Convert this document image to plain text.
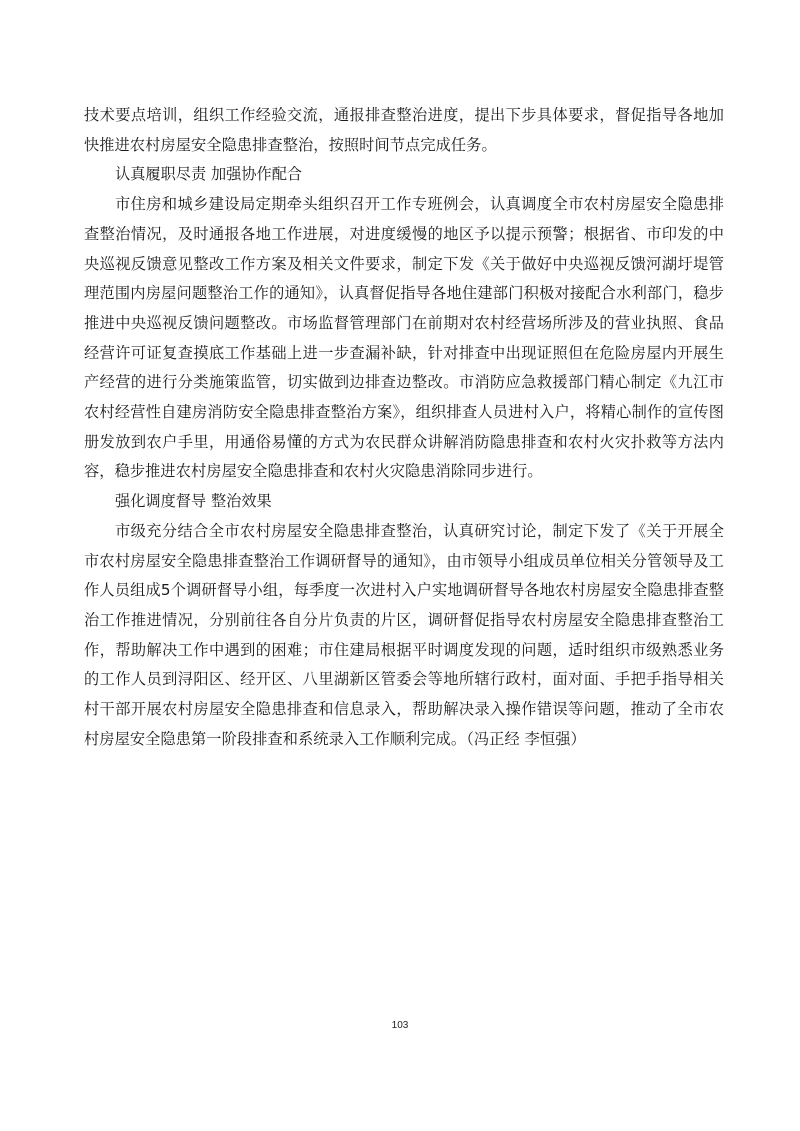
技术要点培训，组织工作经验交流，通报排查整治进度，提出下步具体要求，督促指导各地加快推进农村房屋安全隐患排查整治，按照时间节点完成任务。

认真履职尽责 加强协作配合

市住房和城乡建设局定期牵头组织召开工作专班例会，认真调度全市农村房屋安全隐患排查整治情况，及时通报各地工作进展，对进度缓慢的地区予以提示预警；根据省、市印发的中央巡视反馈意见整改工作方案及相关文件要求，制定下发《关于做好中央巡视反馈河湖圩堤管理范围内房屋问题整治工作的通知》，认真督促指导各地住建部门积极对接配合水利部门，稳步推进中央巡视反馈问题整改。市场监督管理部门在前期对农村经营场所涉及的营业执照、食品经营许可证复查摸底工作基础上进一步查漏补缺，针对排查中出现证照但在危险房屋内开展生产经营的进行分类施策监管，切实做到边排查边整改。市消防应急救援部门精心制定《九江市农村经营性自建房消防安全隐患排查整治方案》，组织排查人员进村入户，将精心制作的宣传图册发放到农户手里，用通俗易懂的方式为农民群众讲解消防隐患排查和农村火灾扑救等方法内容，稳步推进农村房屋安全隐患排查和农村火灾隐患消除同步进行。

强化调度督导 整治效果

市级充分结合全市农村房屋安全隐患排查整治，认真研究讨论，制定下发了《关于开展全市农村房屋安全隐患排查整治工作调研督导的通知》，由市领导小组成员单位相关分管领导及工作人员组成5个调研督导小组，每季度一次进村入户实地调研督导各地农村房屋安全隐患排查整治工作推进情况，分别前往各自分片负责的片区，调研督促指导农村房屋安全隐患排查整治工作，帮助解决工作中遇到的困难；市住建局根据平时调度发现的问题，适时组织市级熟悉业务的工作人员到浔阳区、经开区、八里湖新区管委会等地所辖行政村，面对面、手把手指导相关村干部开展农村房屋安全隐患排查和信息录入，帮助解决录入操作错误等问题，推动了全市农村房屋安全隐患第一阶段排查和系统录入工作顺利完成。（冯正经 李恒强）

103
